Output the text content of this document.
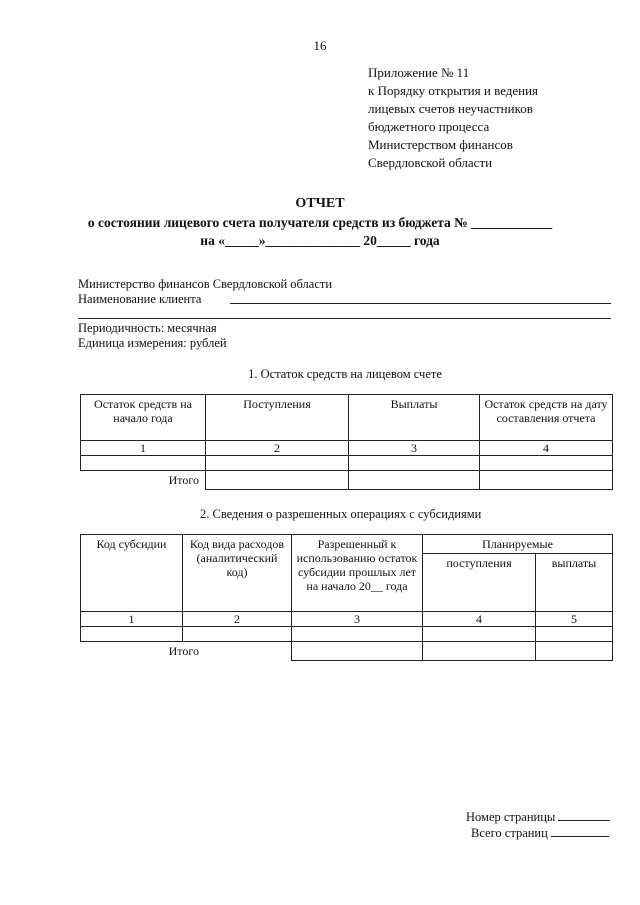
16
Приложение № 11
к Порядку открытия и ведения
лицевых счетов неучастников
бюджетного процесса
Министерством финансов
Свердловской области
ОТЧЕТ
о состоянии лицевого счета получателя средств из бюджета № ____________
на «_____»______________ 20_____ года
Министерство финансов Свердловской области
Наименование клиента
Периодичность: месячная
Единица измерения: рублей
1. Остаток средств на лицевом счете
Остаток средств на начало года	Поступления	Выплаты	Остаток средств на дату составления отчета
1	2	3	4

Итого			
2. Сведения о разрешенных операциях с субсидиями
Код субсидии	Код вида расходов (аналитический код)	Разрешенный к использованию остаток субсидии прошлых лет на начало 20__ года	Планируемые	
			поступления	выплаты
1	2	3	4	5

Итого				
Номер страницы
Всего страниц
